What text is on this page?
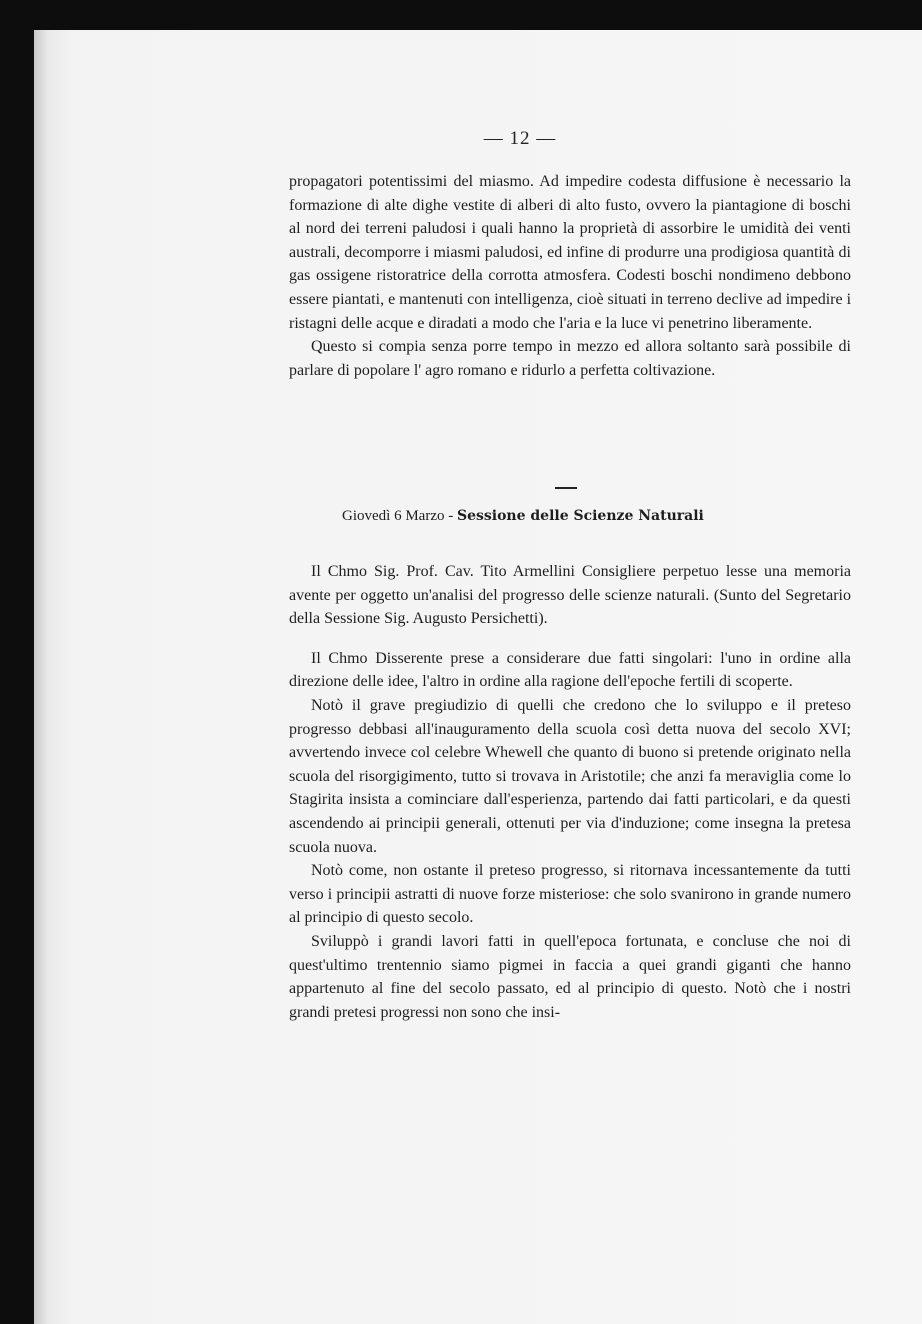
— 12 —

propagatori potentissimi del miasmo. Ad impedire codesta diffusione è necessario la formazione di alte dighe vestite di alberi di alto fusto, ovvero la piantagione di boschi al nord dei terreni paludosi i quali hanno la proprietà di assorbire le umidità dei venti australi, decomporre i miasmi paludosi, ed infine di produrre una prodigiosa quantità di gas ossigene ristoratrice della corrotta atmosfera. Codesti boschi nondimeno debbono essere piantati, e mantenuti con intelligenza, cioè situati in terreno declive ad impedire i ristagni delle acque e diradati a modo che l'aria e la luce vi penetrino liberamente.

Questo si compia senza porre tempo in mezzo ed allora soltanto sarà possibile di parlare di popolare l' agro romano e ridurlo a perfetta coltivazione.

Giovedì 6 Marzo - Sessione delle Scienze Naturali

Il Chmo Sig. Prof. Cav. Tito Armellini Consigliere perpetuo lesse una memoria avente per oggetto un'analisi del progresso delle scienze naturali. (Sunto del Segretario della Sessione Sig. Augusto Persichetti).

Il Chmo Disserente prese a considerare due fatti singolari: l'uno in ordine alla direzione delle idee, l'altro in ordine alla ragione dell'epoche fertili di scoperte.

Notò il grave pregiudizio di quelli che credono che lo sviluppo e il preteso progresso debbasi all'inauguramento della scuola così detta nuova del secolo XVI; avvertendo invece col celebre Whewell che quanto di buono si pretende originato nella scuola del risorgigimento, tutto si trovava in Aristotile; che anzi fa meraviglia come lo Stagirita insista a cominciare dall'esperienza, partendo dai fatti particolari, e da questi ascendendo ai principii generali, ottenuti per via d'induzione; come insegna la pretesa scuola nuova.

Notò come, non ostante il preteso progresso, si ritornava incessantemente da tutti verso i principii astratti di nuove forze misteriose: che solo svanirono in grande numero al principio di questo secolo.

Sviluppò i grandi lavori fatti in quell'epoca fortunata, e concluse che noi di quest'ultimo trentennio siamo pigmei in faccia a quei grandi giganti che hanno appartenuto al fine del secolo passato, ed al principio di questo. Notò che i nostri grandi pretesi progressi non sono che insi-
